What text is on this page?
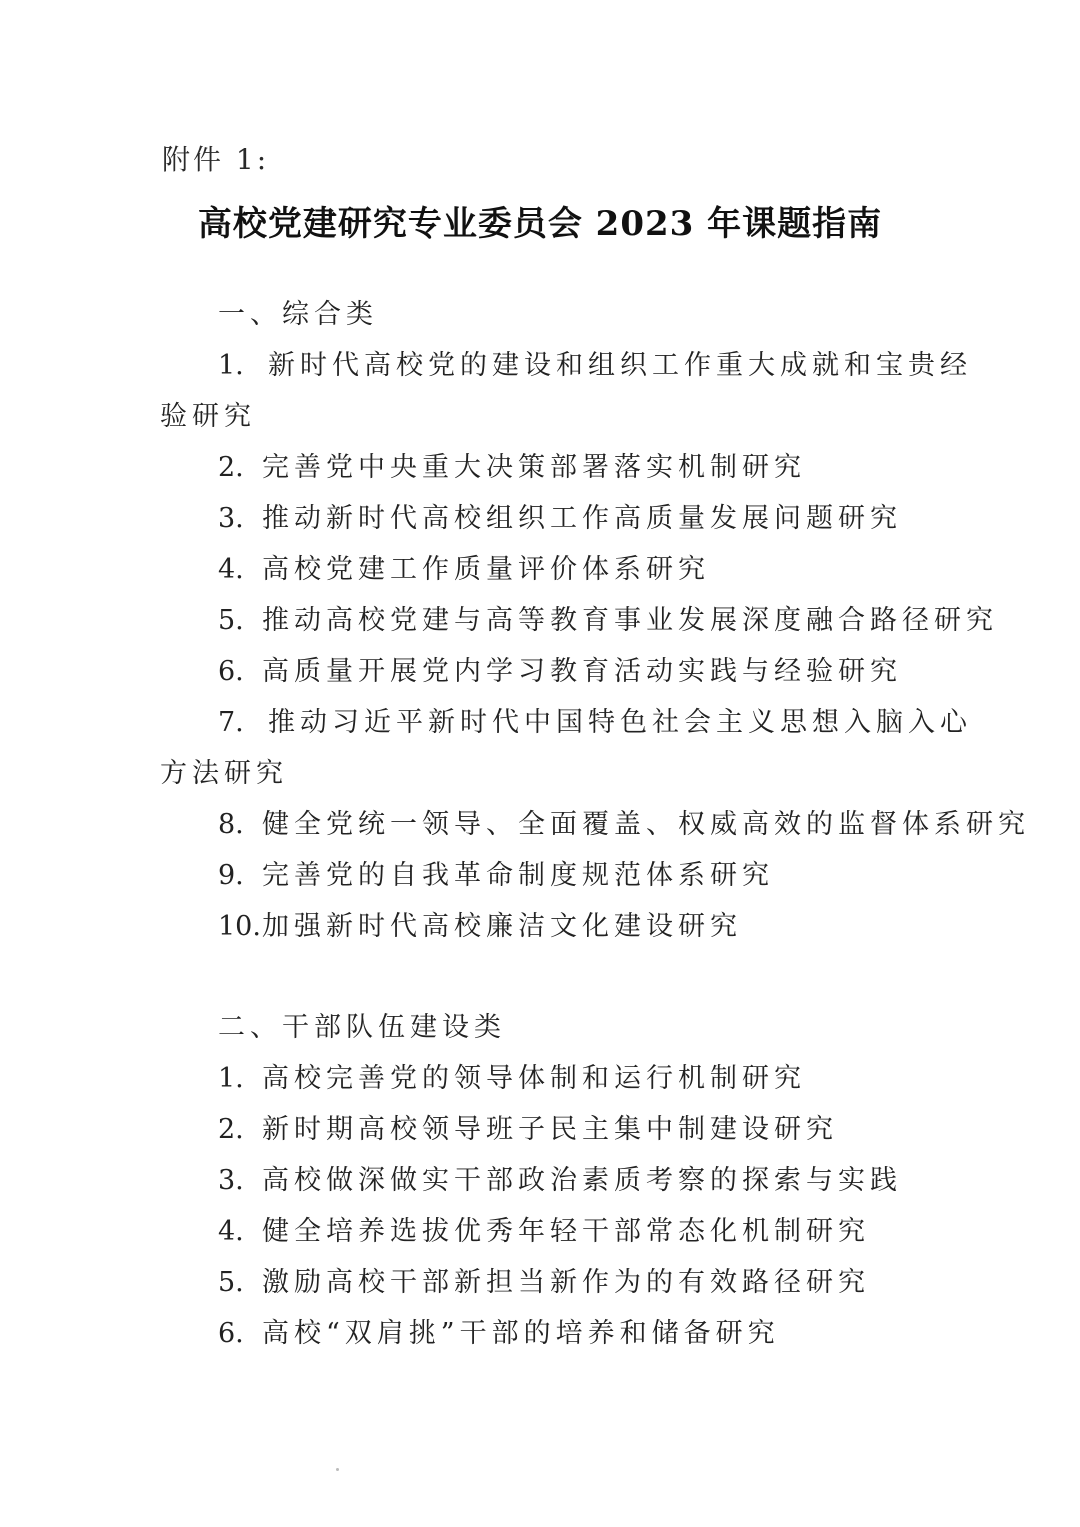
附件 1:
高校党建研究专业委员会 2023 年课题指南
一、综合类
1. 新时代高校党的建设和组织工作重大成就和宝贵经
验研究
2. 完善党中央重大决策部署落实机制研究
3. 推动新时代高校组织工作高质量发展问题研究
4. 高校党建工作质量评价体系研究
5. 推动高校党建与高等教育事业发展深度融合路径研究
6. 高质量开展党内学习教育活动实践与经验研究
7. 推动习近平新时代中国特色社会主义思想入脑入心
方法研究
8. 健全党统一领导、全面覆盖、权威高效的监督体系研究
9. 完善党的自我革命制度规范体系研究
10.加强新时代高校廉洁文化建设研究
二、干部队伍建设类
1. 高校完善党的领导体制和运行机制研究
2. 新时期高校领导班子民主集中制建设研究
3. 高校做深做实干部政治素质考察的探索与实践
4. 健全培养选拔优秀年轻干部常态化机制研究
5. 激励高校干部新担当新作为的有效路径研究
6. 高校“双肩挑”干部的培养和储备研究
